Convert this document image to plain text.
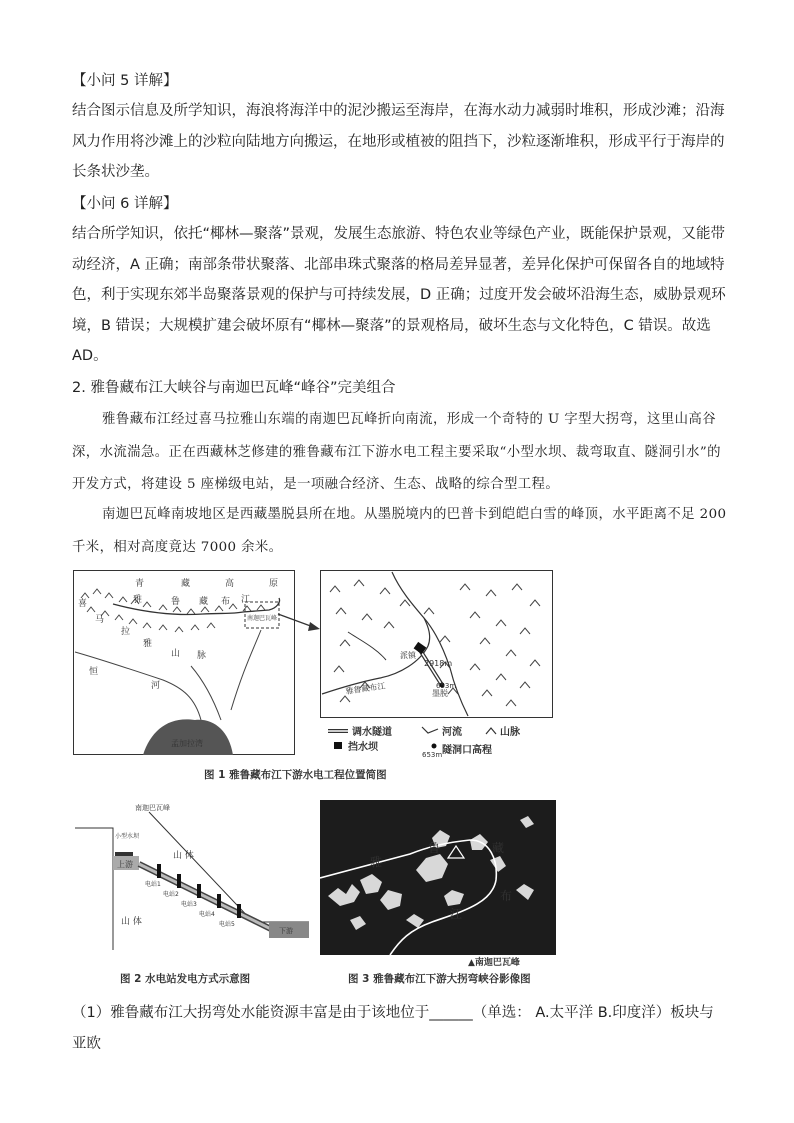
【小问 5 详解】

结合图示信息及所学知识，海浪将海洋中的泥沙搬运至海岸，在海水动力减弱时堆积，形成沙滩；沿海风力作用将沙滩上的沙粒向陆地方向搬运，在地形或植被的阻挡下，沙粒逐渐堆积，形成平行于海岸的长条状沙垄。

【小问 6 详解】

结合所学知识，依托“椰林—聚落”景观，发展生态旅游、特色农业等绿色产业，既能保护景观，又能带动经济，A 正确；南部条带状聚落、北部串珠式聚落的格局差异显著，差异化保护可保留各自的地域特色，利于实现东郊半岛聚落景观的保护与可持续发展，D 正确；过度开发会破坏沿海生态，威胁景观环境，B 错误；大规模扩建会破坏原有“椰林—聚落”的景观格局，破坏生态与文化特色，C 错误。故选 AD。

2. 雅鲁藏布江大峡谷与南迦巴瓦峰“峰谷”完美组合

雅鲁藏布江经过喜马拉雅山东端的南迦巴瓦峰折向南流，形成一个奇特的 U 字型大拐弯，这里山高谷深，水流湍急。正在西藏林芝修建的雅鲁藏布江下游水电工程主要采取“小型水坝、裁弯取直、隧洞引水”的开发方式，将建设 5 座梯级电站，是一项融合经济、生态、战略的综合型工程。

南迦巴瓦峰南坡地区是西藏墨脱县所在地。从墨脱境内的巴普卡到皑皑白雪的峰顶，水平距离不足 200 千米，相对高度竟达 7000 余米。

青	藏	高	原
喜
马
拉
雅
山 脉
雅	鲁 藏 布 江
南迦巴瓦峰
恒
河
孟加拉湾
派镇
2918m
653m
墨脱
雅鲁藏布江
调水隧道	河流	山脉
挡水坝
653m 隧洞口高程
图 1 雅鲁藏布江下游水电工程位置简图
南迦巴瓦峰
小型水坝
上游
电站1
电站2
电站3
电站4
电站5
下游
山 体
山 体
图 2 水电站发电方式示意图
雅
鲁	藏
布
江
▲南迦巴瓦峰
图 3 雅鲁藏布江下游大拐弯峡谷影像图

（1）雅鲁藏布江大拐弯处水能资源丰富是由于该地位于______（单选： A.太平洋 B.印度洋）板块与亚欧
